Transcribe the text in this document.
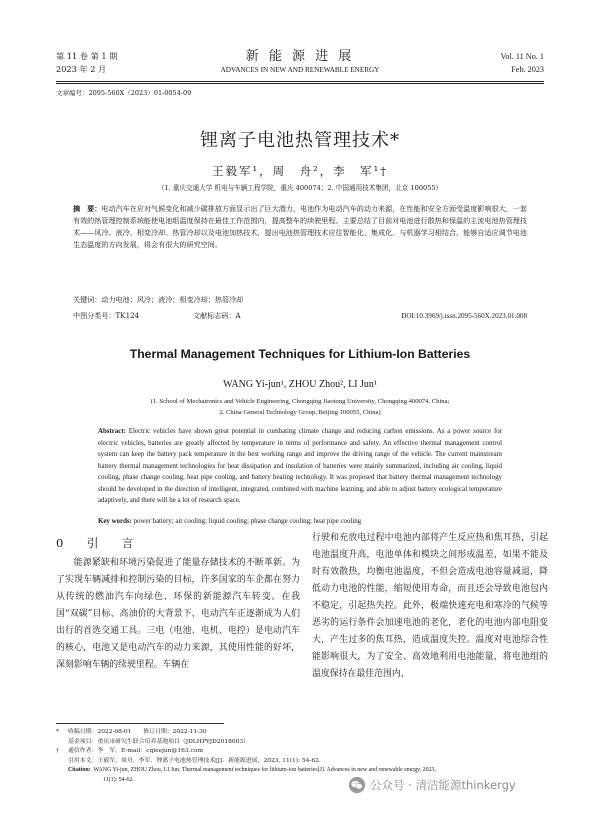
第 11 卷 第 1 期
2023 年 2 月
新 能 源 进 展
ADVANCES IN NEW AND RENEWABLE ENERGY
Vol. 11 No. 1
Feb. 2023
文章编号：2095-560X（2023）01-0054-09
锂离子电池热管理技术*
王毅军¹，周　舟²，李　军¹†
（1. 重庆交通大学 机电与车辆工程学院，重庆 400074；2. 中国通用技术集团，北京 100055）
摘　要：电动汽车在应对气候变化和减少碳排放方面显示出了巨大潜力，电池作为电动汽车的动力来源，在性能和安全方面受温度影响很大，一套有效的热管理控制系统能使电池组温度保持在最佳工作范围内，提高整车的续驶里程。主要总结了目前对电池进行散热和保温的主流电池热管理技术——风冷、液冷、相变冷却、热管冷却以及电池加热技术，提出电池热管理技术应往智能化、集成化、与机器学习相结合、能够自适应调节电池生态温度的方向发展，将会有很大的研究空间。
关键词：动力电池；风冷；液冷；相变冷却；热管冷却
中图分类号：TK124	文献标志码：A	DOI:10.3969/j.issn.2095-560X.2023.01.008
Thermal Management Techniques for Lithium-Ion Batteries
WANG Yi-jun¹, ZHOU Zhou², LI Jun¹
(1. School of Mechatronics and Vehicle Engineering, Chongqing Jiaotong University, Chongqing 400074, China;
2. China General Technology Group, Beijing 100055, China)
Abstract: Electric vehicles have shown great potential in combating climate change and reducing carbon emissions. As a power source for electric vehicles, batteries are greatly affected by temperature in terms of performance and safety. An effective thermal management control system can keep the battery pack temperature in the best working range and improve the driving range of the vehicle. The current mainstream battery thermal management technologies for heat dissipation and insulation of batteries were mainly summarized, including air cooling, liquid cooling, phase change cooling, heat pipe cooling, and battery heating technology. It was proposed that battery thermal management technology should be developed in the direction of intelligent, integrated, combined with machine learning, and able to adjust battery ecological temperature adaptively, and there will be a lot of research space.
Key words: power battery; air cooling; liquid cooling; phase change cooling; heat pipe cooling
0　引　言

能源紧缺和环境污染促进了能量存储技术的不断革新。为了实现车辆减排和控制污染的目标，许多国家的车企都在努力从传统的燃油汽车向绿色、环保的新能源汽车转变。在我国“双碳”目标、高油价的大背景下，电动汽车正逐渐成为人们出行的首选交通工具。三电（电池、电机、电控）是电动汽车的核心，电池又是电动汽车的动力来源，其使用性能的好坏，深刻影响车辆的续驶里程。车辆在

行驶和充放电过程中电池内部将产生反应热和焦耳热，引起电池温度升高，电池单体和模块之间形成温差，如果不能及时有效散热，均衡电池温度，不但会造成电池容量减退，降低动力电池的性能，缩短使用寿命，而且还会导致电池包内不稳定，引起热失控。此外，极端快速充电和寒冷的气候等恶劣的运行条件会加速电池的老化，老化的电池内部电阻变大，产生过多的焦耳热，造成温度失控。温度对电池综合性能影响很大，为了安全、高效地利用电池能量，将电池组的温度保持在最佳范围内，

* 收稿日期：2022-08-01　　修订日期：2022-11-30
基金项目：重庆市研究生联合培养基地项目（JDLHPYJD2018003）
† 通信作者：李　军，E-mail：cqleejun@163.com
引用本文：王毅军，周舟，李军．锂离子电池热管理技术[J]．新能源进展，2023, 11(1): 54-62.
Citation: WANG Yi-jun, ZHOU Zhou, LI Jun. Thermal management techniques for lithium-ion batteries[J]. Advances in new and renewable energy, 2023,
11(1): 54-62.	公众号 · 清洁能源thinkergy
